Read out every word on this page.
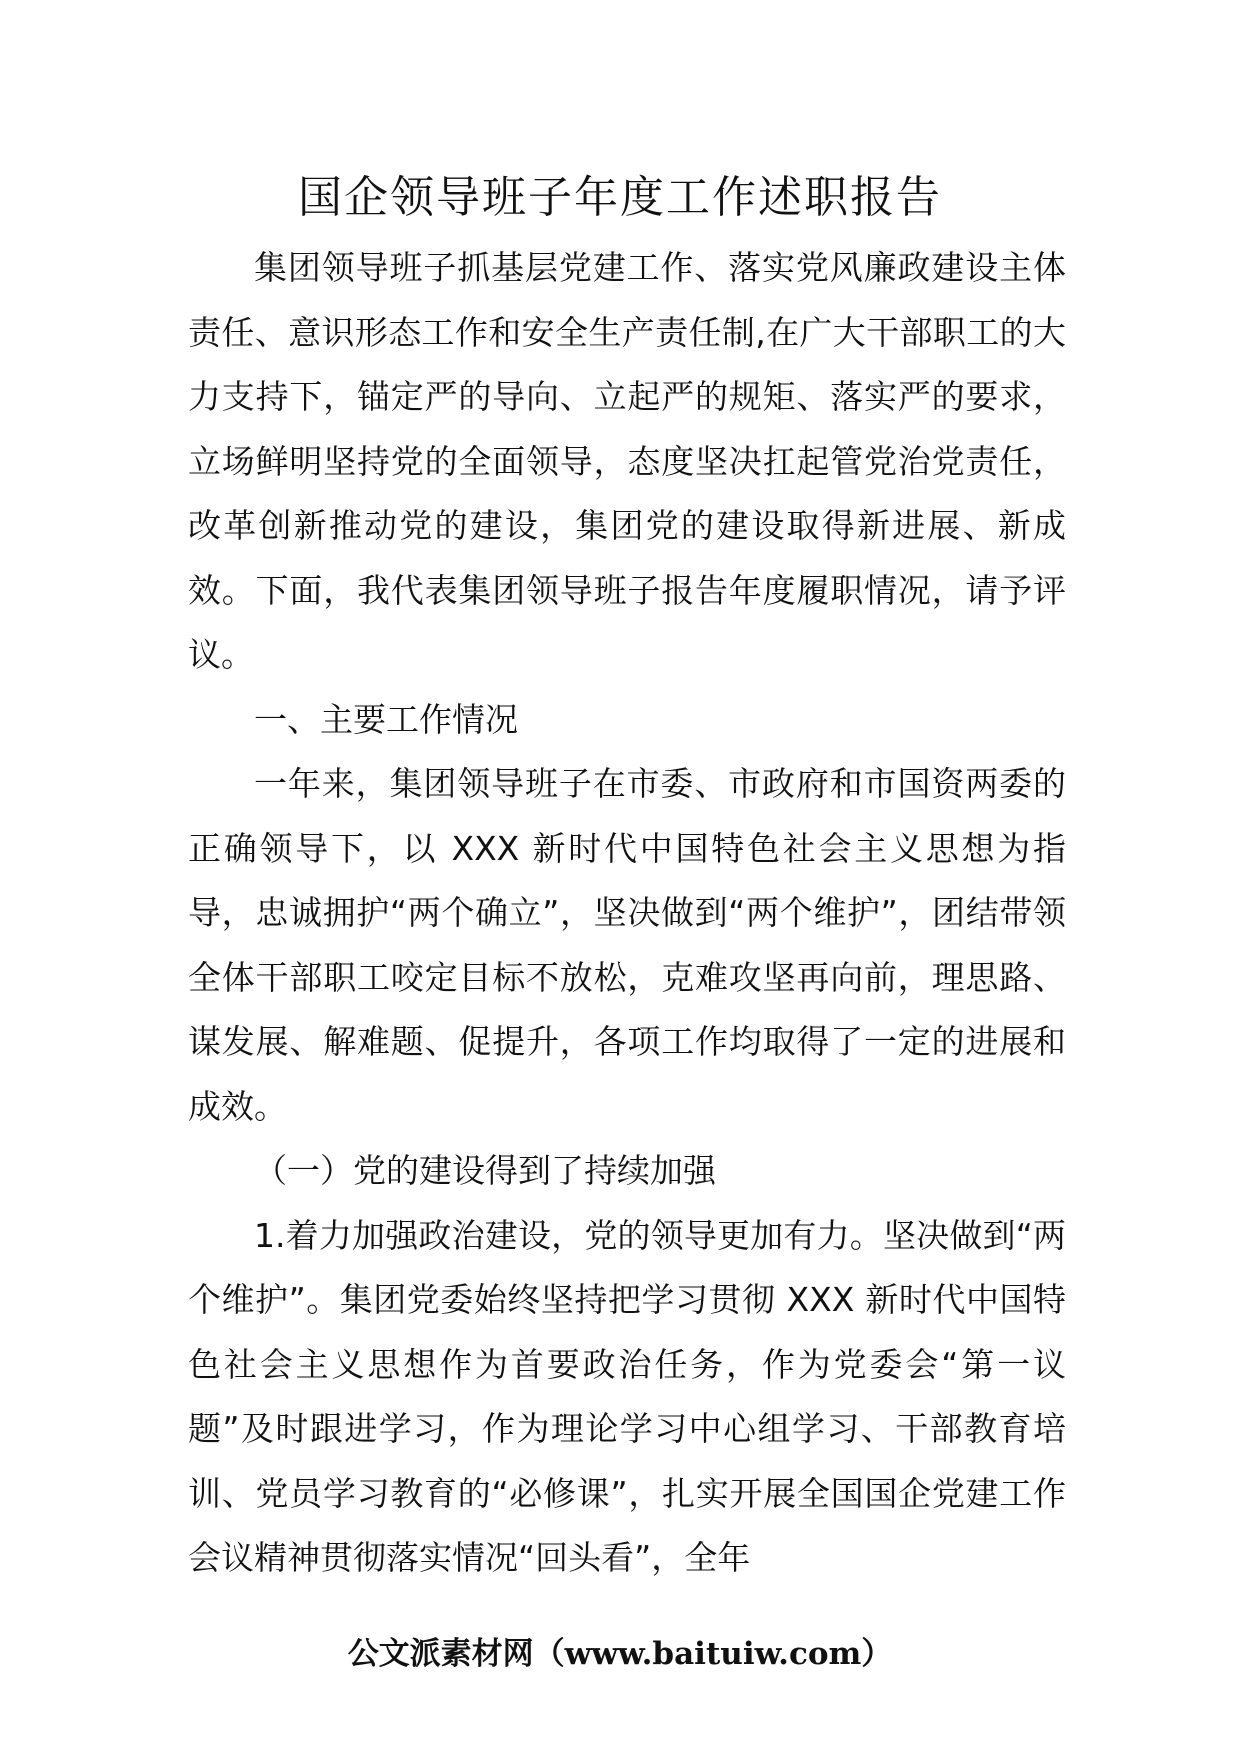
国企领导班子年度工作述职报告

集团领导班子抓基层党建工作、落实党风廉政建设主体责任、意识形态工作和安全生产责任制,在广大干部职工的大力支持下，锚定严的导向、立起严的规矩、落实严的要求，立场鲜明坚持党的全面领导，态度坚决扛起管党治党责任，改革创新推动党的建设，集团党的建设取得新进展、新成效。下面，我代表集团领导班子报告年度履职情况，请予评议。

一、主要工作情况

一年来，集团领导班子在市委、市政府和市国资两委的正确领导下，以 XXX 新时代中国特色社会主义思想为指导，忠诚拥护“两个确立”，坚决做到“两个维护”，团结带领全体干部职工咬定目标不放松，克难攻坚再向前，理思路、谋发展、解难题、促提升，各项工作均取得了一定的进展和成效。

（一）党的建设得到了持续加强

1.着力加强政治建设，党的领导更加有力。坚决做到“两个维护”。集团党委始终坚持把学习贯彻 XXX 新时代中国特色社会主义思想作为首要政治任务，作为党委会“第一议题”及时跟进学习，作为理论学习中心组学习、干部教育培训、党员学习教育的“必修课”，扎实开展全国国企党建工作会议精神贯彻落实情况“回头看”，全年

公文派素材网（www.baituiw.com）
